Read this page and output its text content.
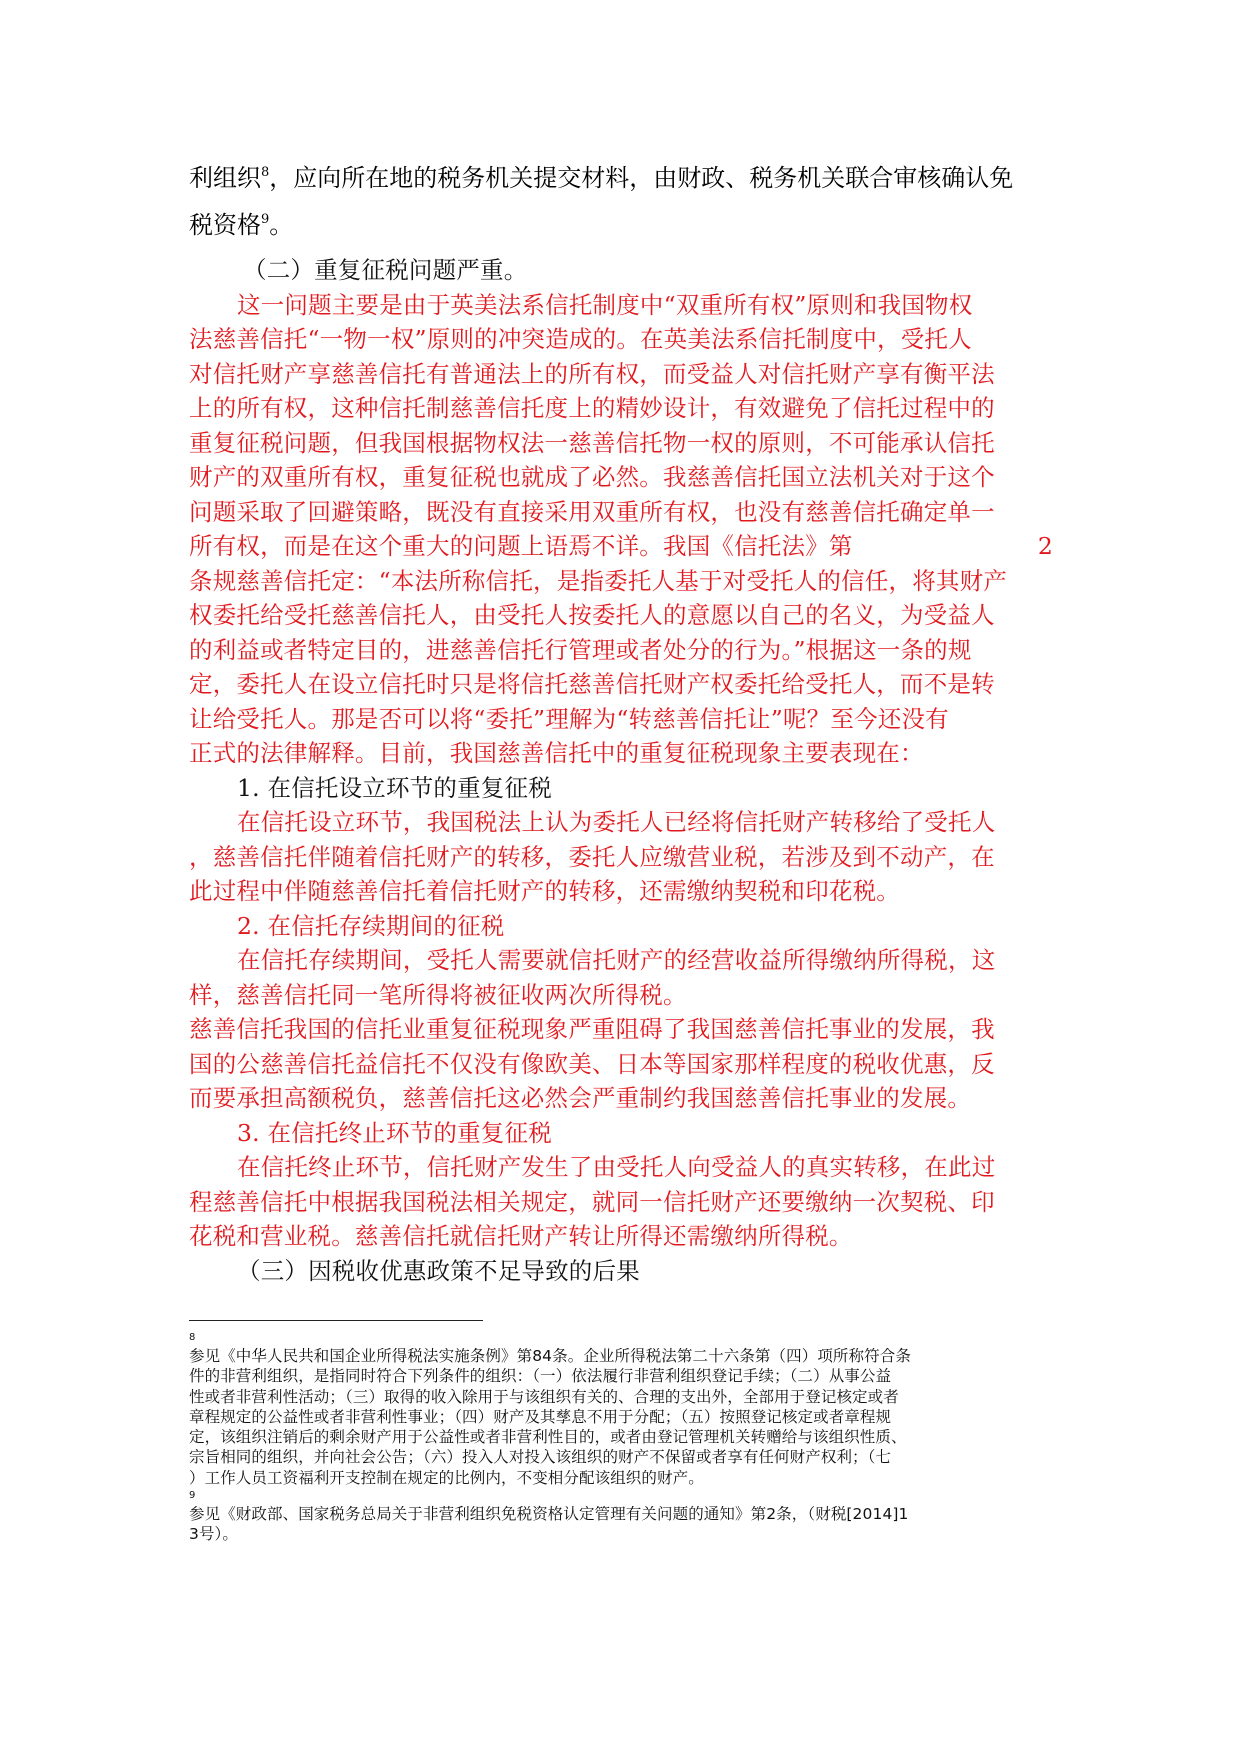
利组织$^8$，应向所在地的税务机关提交材料，由财政、税务机关联合审核确认免
税资格$^9$。
（二）重复征税问题严重。
这一问题主要是由于英美法系信托制度中“双重所有权”原则和我国物权
法慈善信托“一物一权”原则的冲突造成的。在英美法系信托制度中，受托人
对信托财产享慈善信托有普通法上的所有权，而受益人对信托财产享有衡平法
上的所有权，这种信托制慈善信托度上的精妙设计，有效避免了信托过程中的
重复征税问题，但我国根据物权法一慈善信托物一权的原则，不可能承认信托
财产的双重所有权，重复征税也就成了必然。我慈善信托国立法机关对于这个
问题采取了回避策略，既没有直接采用双重所有权，也没有慈善信托确定单一
所有权，而是在这个重大的问题上语焉不详。我国《信托法》第	2
条规慈善信托定：“本法所称信托，是指委托人基于对受托人的信任，将其财产
权委托给受托慈善信托人，由受托人按委托人的意愿以自己的名义，为受益人
的利益或者特定目的，进慈善信托行管理或者处分的行为。”根据这一条的规
定，委托人在设立信托时只是将信托慈善信托财产权委托给受托人，而不是转
让给受托人。那是否可以将“委托”理解为“转慈善信托让”呢？至今还没有
正式的法律解释。目前，我国慈善信托中的重复征税现象主要表现在：
1. 在信托设立环节的重复征税
在信托设立环节，我国税法上认为委托人已经将信托财产转移给了受托人
，慈善信托伴随着信托财产的转移，委托人应缴营业税，若涉及到不动产，在
此过程中伴随慈善信托着信托财产的转移，还需缴纳契税和印花税。
2. 在信托存续期间的征税
在信托存续期间，受托人需要就信托财产的经营收益所得缴纳所得税，这
样，慈善信托同一笔所得将被征收两次所得税。
慈善信托我国的信托业重复征税现象严重阻碍了我国慈善信托事业的发展，我
国的公慈善信托益信托不仅没有像欧美、日本等国家那样程度的税收优惠，反
而要承担高额税负，慈善信托这必然会严重制约我国慈善信托事业的发展。
3. 在信托终止环节的重复征税
在信托终止环节，信托财产发生了由受托人向受益人的真实转移，在此过
程慈善信托中根据我国税法相关规定，就同一信托财产还要缴纳一次契税、印
花税和营业税。慈善信托就信托财产转让所得还需缴纳所得税。
（三）因税收优惠政策不足导致的后果
8
参见《中华人民共和国企业所得税法实施条例》第84条。企业所得税法第二十六条第（四）项所称符合条
件的非营利组织，是指同时符合下列条件的组织：（一）依法履行非营利组织登记手续；（二）从事公益
性或者非营利性活动；（三）取得的收入除用于与该组织有关的、合理的支出外，全部用于登记核定或者
章程规定的公益性或者非营利性事业；（四）财产及其孳息不用于分配；（五）按照登记核定或者章程规
定，该组织注销后的剩余财产用于公益性或者非营利性目的，或者由登记管理机关转赠给与该组织性质、
宗旨相同的组织，并向社会公告；（六）投入人对投入该组织的财产不保留或者享有任何财产权利；（七
）工作人员工资福利开支控制在规定的比例内，不变相分配该组织的财产。
9
参见《财政部、国家税务总局关于非营利组织免税资格认定管理有关问题的通知》第2条，（财税[2014]1
3号）。
